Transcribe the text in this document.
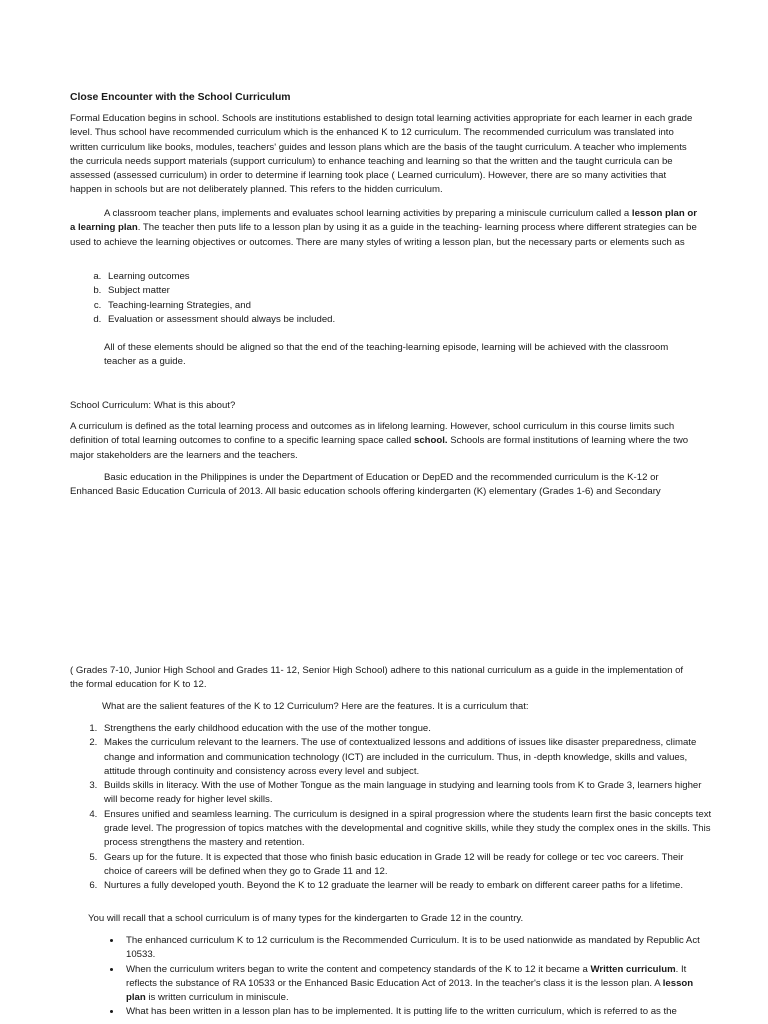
Close Encounter with the School Curriculum

Formal Education begins in school. Schools are institutions established to design total learning activities appropriate for each learner in each grade level. Thus school have recommended curriculum which is the enhanced K to 12 curriculum. The recommended curriculum was translated into written curriculum like books, modules, teachers' guides and lesson plans which are the basis of the taught curriculum. A teacher who implements the curricula needs support materials (support curriculum) to enhance teaching and learning so that the written and the taught curricula can be assessed (assessed curriculum) in order to determine if learning took place ( Learned curriculum). However, there are so many activities that happen in schools but are not deliberately planned. This refers to the hidden curriculum.

A classroom teacher plans, implements and evaluates school learning activities by preparing a miniscule curriculum called a lesson plan or a learning plan. The teacher then puts life to a lesson plan by using it as a guide in the teaching- learning process where different strategies can be used to achieve the learning objectives or outcomes. There are many styles of writing a lesson plan, but the necessary parts or elements such as

a. Learning outcomes
b. Subject matter
c. Teaching-learning Strategies, and
d. Evaluation or assessment should always be included.

All of these elements should be aligned so that the end of the teaching-learning episode, learning will be achieved with the classroom teacher as a guide.

School Curriculum: What is this about?

A curriculum is defined as the total learning process and outcomes as in lifelong learning. However, school curriculum in this course limits such definition of total learning outcomes to confine to a specific learning space called school. Schools are formal institutions of learning where the two major stakeholders are the learners and the teachers.

Basic education in the Philippines is under the Department of Education or DepED and the recommended curriculum is the K-12 or Enhanced Basic Education Curricula of 2013. All basic education schools offering kindergarten (K) elementary (Grades 1-6) and Secondary

( Grades 7-10, Junior High School and Grades 11- 12, Senior High School) adhere to this national curriculum as a guide in the implementation of the formal education for K to 12.

What are the salient features of the K to 12 Curriculum? Here are the features. It is a curriculum that:

1. Strengthens the early childhood education with the use of the mother tongue.
2. Makes the curriculum relevant to the learners. The use of contextualized lessons and additions of issues like disaster preparedness, climate change and information and communication technology (ICT) are included in the curriculum. Thus, in -depth knowledge, skills and values, attitude through continuity and consistency across every level and subject.
3. Builds skills in literacy. With the use of Mother Tongue as the main language in studying and learning tools from K to Grade 3, learners higher will become ready for higher level skills.
4. Ensures unified and seamless learning. The curriculum is designed in a spiral progression where the students learn first the basic concepts text grade level. The progression of topics matches with the developmental and cognitive skills, while they study the complex ones in the skills. This process strengthens the mastery and retention.
5. Gears up for the future. It is expected that those who finish basic education in Grade 12 will be ready for college or tec voc careers. Their choice of careers will be defined when they go to Grade 11 and 12.
6. Nurtures a fully developed youth. Beyond the K to 12 graduate the learner will be ready to embark on different career paths for a lifetime.

You will recall that a school curriculum is of many types for the kindergarten to Grade 12 in the country.

• The enhanced curriculum K to 12 curriculum is the Recommended Curriculum. It is to be used nationwide as mandated by Republic Act 10533.
• When the curriculum writers began to write the content and competency standards of the K to 12 it became a Written curriculum. It reflects the substance of RA 10533 or the Enhanced Basic Education Act of 2013. In the teacher's class it is the lesson plan. A lesson plan is written curriculum in miniscule.
• What has been written in a lesson plan has to be implemented. It is putting life to the written curriculum, which is referred to as the
